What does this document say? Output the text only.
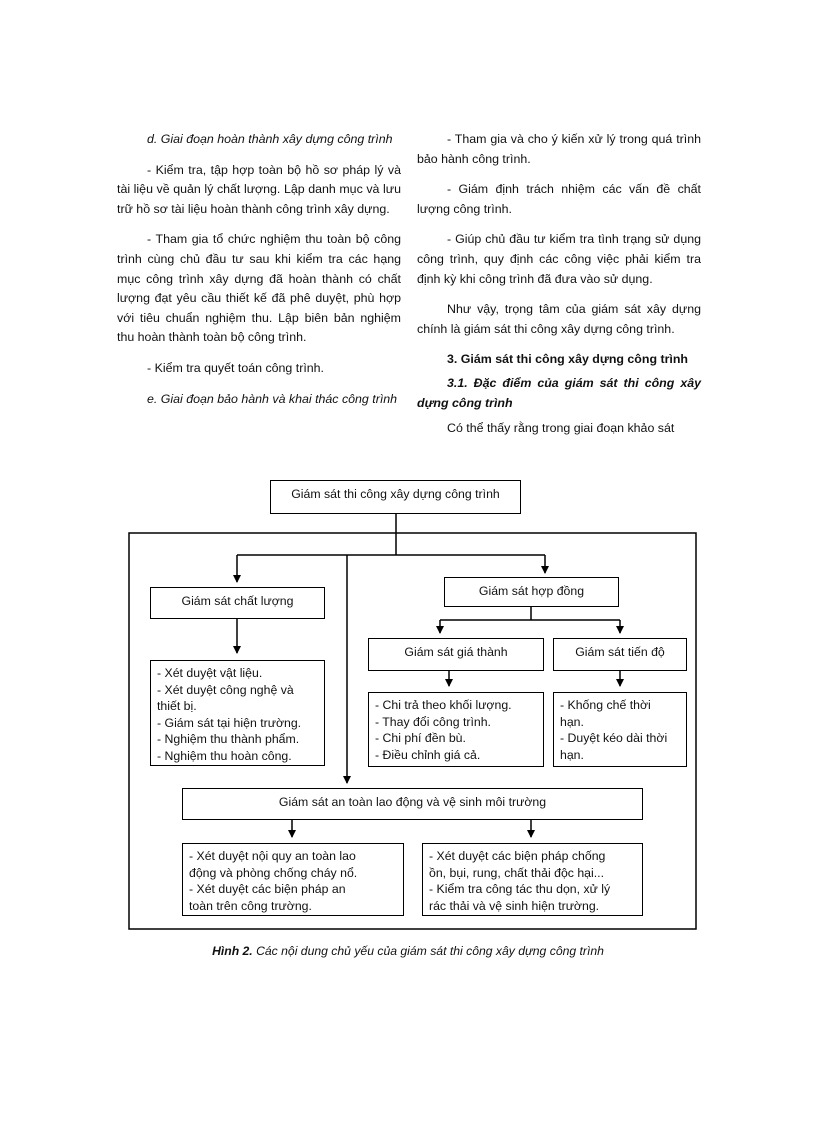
d. Giai đoạn hoàn thành xây dựng công trình

- Kiểm tra, tập hợp toàn bộ hồ sơ pháp lý và tài liệu về quản lý chất lượng. Lập danh mục và lưu trữ hồ sơ tài liệu hoàn thành công trình xây dựng.

- Tham gia tổ chức nghiệm thu toàn bộ công trình cùng chủ đầu tư sau khi kiểm tra các hạng mục công trình xây dựng đã hoàn thành có chất lượng đạt yêu cầu thiết kế đã phê duyệt, phù hợp với tiêu chuẩn nghiệm thu. Lập biên bản nghiệm thu hoàn thành toàn bộ công trình.

- Kiểm tra quyết toán công trình.

e. Giai đoạn bảo hành và khai thác công trình

- Tham gia và cho ý kiến xử lý trong quá trình bảo hành công trình.

- Giám định trách nhiệm các vấn đề chất lượng công trình.

- Giúp chủ đầu tư kiểm tra tình trạng sử dụng công trình, quy định các công việc phải kiểm tra định kỳ khi công trình đã đưa vào sử dụng.

Như vậy, trọng tâm của giám sát xây dựng chính là giám sát thi công xây dựng công trình.

3. Giám sát thi công xây dựng công trình

3.1. Đặc điểm của giám sát thi công xây dựng công trình

Có thể thấy rằng trong giai đoạn khảo sát

Giám sát thi công xây dựng công trình
Giám sát chất lượng
- Xét duyệt vật liệu.
- Xét duyệt công nghệ và
thiết bị.
- Giám sát tại hiện trường.
- Nghiệm thu thành phẩm.
- Nghiệm thu hoàn công.
Giám sát hợp đồng
Giám sát giá thành	Giám sát tiến độ
- Chi trả theo khối lượng.
- Thay đổi công trình.
- Chi phí đền bù.
- Điều chỉnh giá cả.
- Khống chế thời
hạn.
- Duyệt kéo dài thời
hạn.
Giám sát an toàn lao động và vệ sinh môi trường
- Xét duyệt nội quy an toàn lao
động và phòng chống cháy nổ.
- Xét duyệt các biện pháp an
toàn trên công trường.
- Xét duyệt các biện pháp chống
ồn, bụi, rung, chất thải độc hại...
- Kiểm tra công tác thu dọn, xử lý
rác thải và vệ sinh hiện trường.
Hình 2. Các nội dung chủ yếu của giám sát thi công xây dựng công trình
